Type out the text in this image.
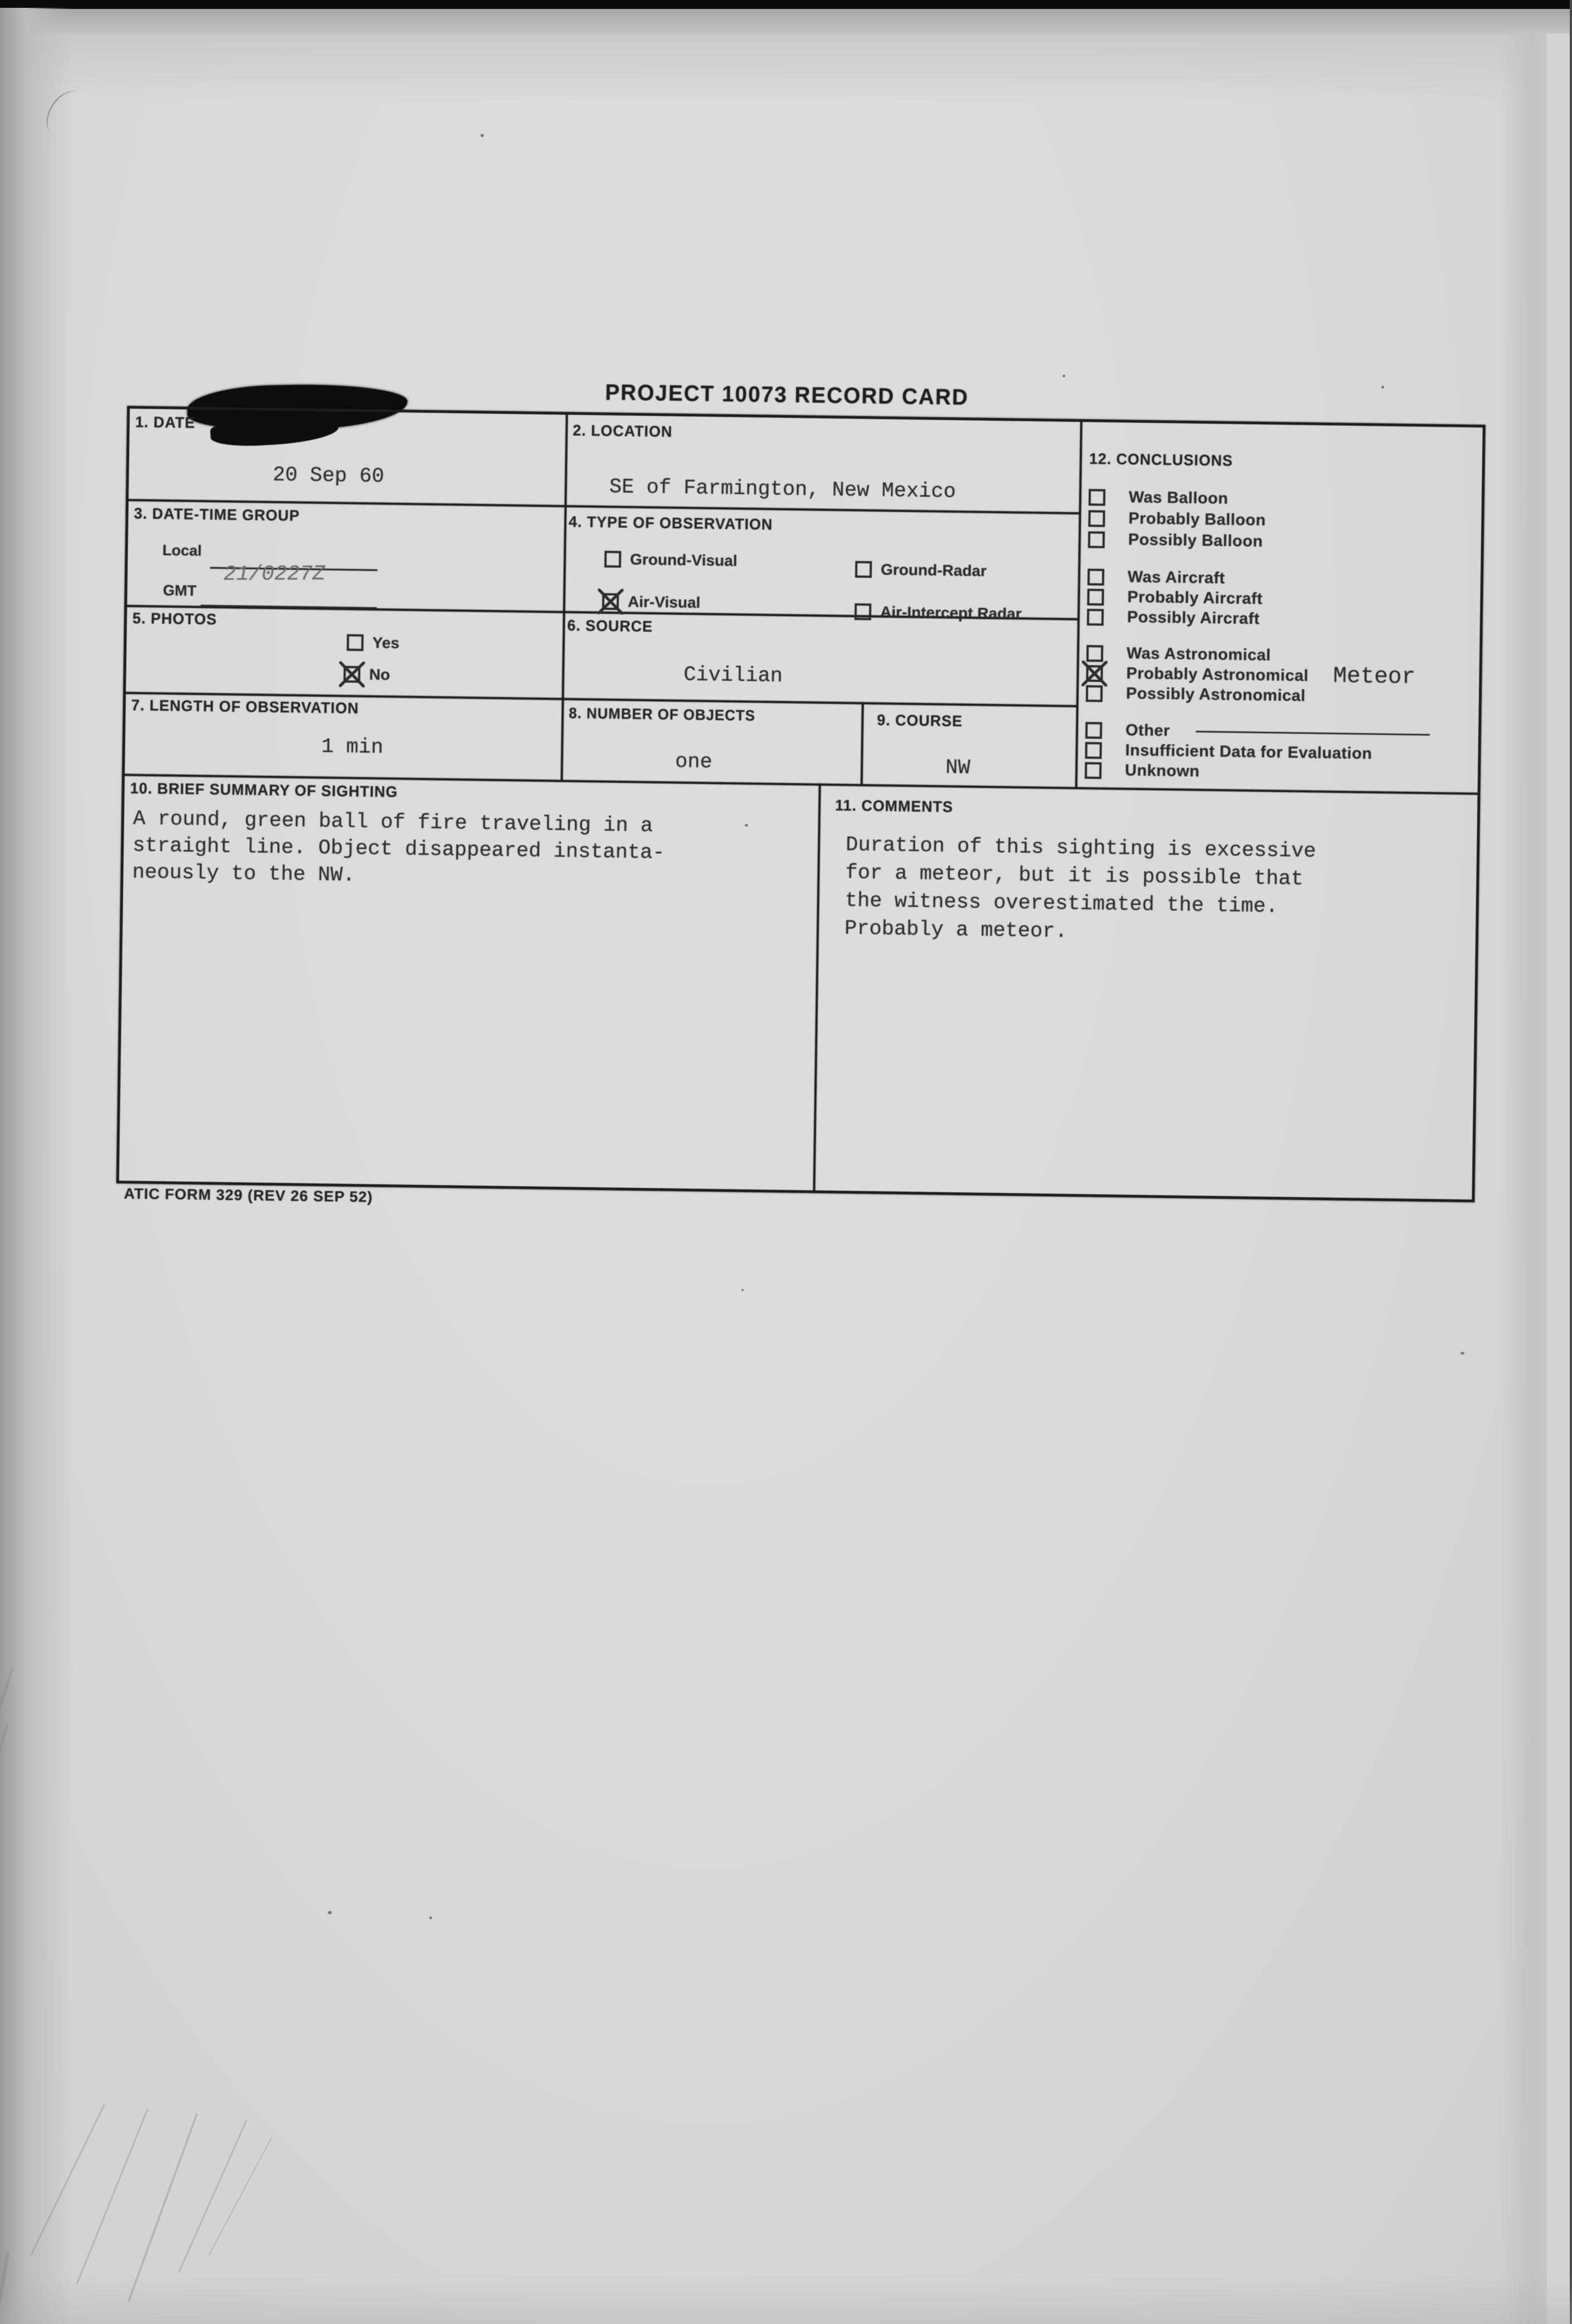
PROJECT 10073 RECORD CARD
1. DATE
20 Sep 60
2. LOCATION
SE of Farmington, New Mexico
3. DATE-TIME GROUP
Local
GMT
21/0227Z
4. TYPE OF OBSERVATION
Ground-Visual
Ground-Radar
Air-Visual
Air-Intercept Radar
5. PHOTOS
Yes
No
6. SOURCE
Civilian
7. LENGTH OF OBSERVATION
1 min
8. NUMBER OF OBJECTS
one
9. COURSE
NW
10. BRIEF SUMMARY OF SIGHTING
A round, green ball of fire traveling in a
straight line. Object disappeared instanta-
neously to the NW.
11. COMMENTS
Duration of this sighting is excessive
for a meteor, but it is possible that
the witness overestimated the time.
Probably a meteor.
12. CONCLUSIONS
Was Balloon
Probably Balloon
Possibly Balloon
Was Aircraft
Probably Aircraft
Possibly Aircraft
Was Astronomical
Probably Astronomical Meteor
Possibly Astronomical
Other
Insufficient Data for Evaluation
Unknown
ATIC FORM 329 (REV 26 SEP 52)
